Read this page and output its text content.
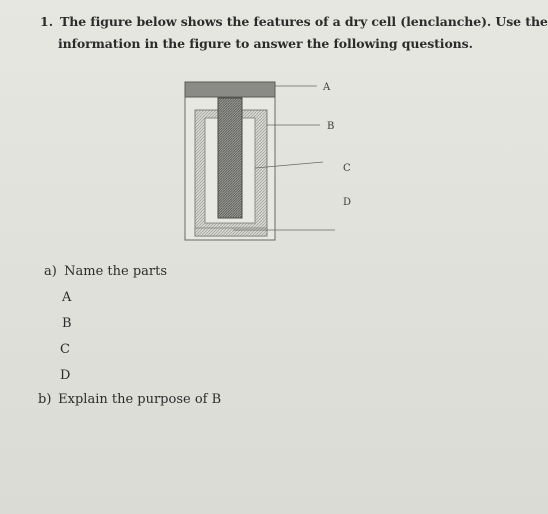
1. The figure below shows the features of a dry cell (lenclanche). Use the
information in the figure to answer the following questions.
A
B
C
D
a) Name the parts
A
B
C
D
b) Explain the purpose of B
